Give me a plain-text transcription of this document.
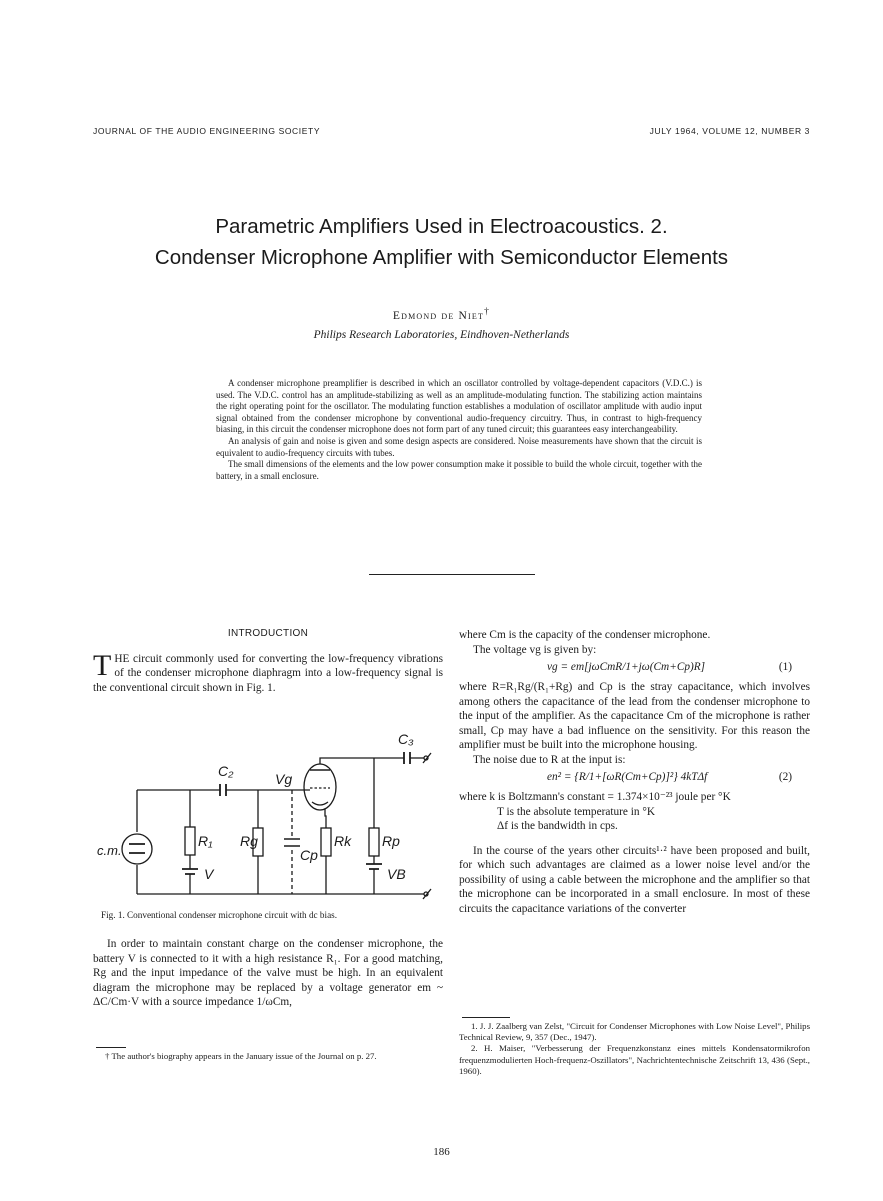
JOURNAL OF THE AUDIO ENGINEERING SOCIETY	JULY 1964, VOLUME 12, NUMBER 3
Parametric Amplifiers Used in Electroacoustics. 2.
Condenser Microphone Amplifier with Semiconductor Elements
Edmond de Niet†
Philips Research Laboratories, Eindhoven-Netherlands

A condenser microphone preamplifier is described in which an oscillator controlled by voltage-dependent capacitors (V.D.C.) is used. The V.D.C. control has an amplitude-stabilizing as well as an amplitude-modulating function. The stabilizing action maintains the right operating point for the oscillator. The modulating function establishes a modulation of oscillator amplitude with audio input signal obtained from the condenser microphone by conventional audio-frequency circuitry. Thus, in contrast to high-frequency biasing, in this circuit the condenser microphone does not form part of any tuned circuit; this guarantees easy interchangeability.

An analysis of gain and noise is given and some design aspects are considered. Noise measurements have shown that the circuit is equivalent to audio-frequency circuits with tubes.

The small dimensions of the elements and the low power consumption make it possible to build the whole circuit, together with the battery, in a small enclosure.

INTRODUCTION

THE circuit commonly used for converting the low-frequency vibrations of the condenser microphone diaphragm into a low-frequency signal is the conventional circuit shown in Fig. 1.

C₃
C₂	Vg
c.m.
R₁
V
Rg
Cp
Rk Rp
VB
Fig. 1. Conventional condenser microphone circuit with dc bias.

In order to maintain constant charge on the condenser microphone, the battery V is connected to it with a high resistance R₁. For a good matching, Rg and the input impedance of the valve must be high. In an equivalent diagram the microphone may be replaced by a voltage generator em ~ ΔC/Cm·V with a source impedance 1/ωCm,

† The author's biography appears in the January issue of the Journal on p. 27.

where Cm is the capacity of the condenser microphone.

The voltage vg is given by:

vg = em[jωCmR/1+jω(Cm+Cp)R]	(1)

where R=R₁Rg/(R₁+Rg) and Cp is the stray capacitance, which involves among others the capacitance of the lead from the condenser microphone to the input of the amplifier. As the capacitance Cm of the microphone is rather small, Cp may have a bad influence on the sensitivity. For this reason the amplifier must be built into the microphone housing.

The noise due to R at the input is:

en² = {R/1+[ωR(Cm+Cp)]²} 4kTΔf	(2)

where k is Boltzmann's constant = 1.374×10⁻²³ joule per °K

T is the absolute temperature in °K

Δf is the bandwidth in cps.

In the course of the years other circuits¹·² have been proposed and built, for which such advantages are claimed as a lower noise level and/or the possibility of using a cable between the microphone and the amplifier so that the microphone can be incorporated in a small enclosure. In most of these circuits the capacitance variations of the converter

1. J. J. Zaalberg van Zelst, "Circuit for Condenser Microphones with Low Noise Level", Philips Technical Review, 9, 357 (Dec., 1947).

2. H. Maiser, "Verbesserung der Frequenzkonstanz eines mittels Kondensatormikrofon frequenzmodulierten Hoch-frequenz-Oszillators", Nachrichtentechnische Zeitschrift 13, 436 (Sept., 1960).

186
